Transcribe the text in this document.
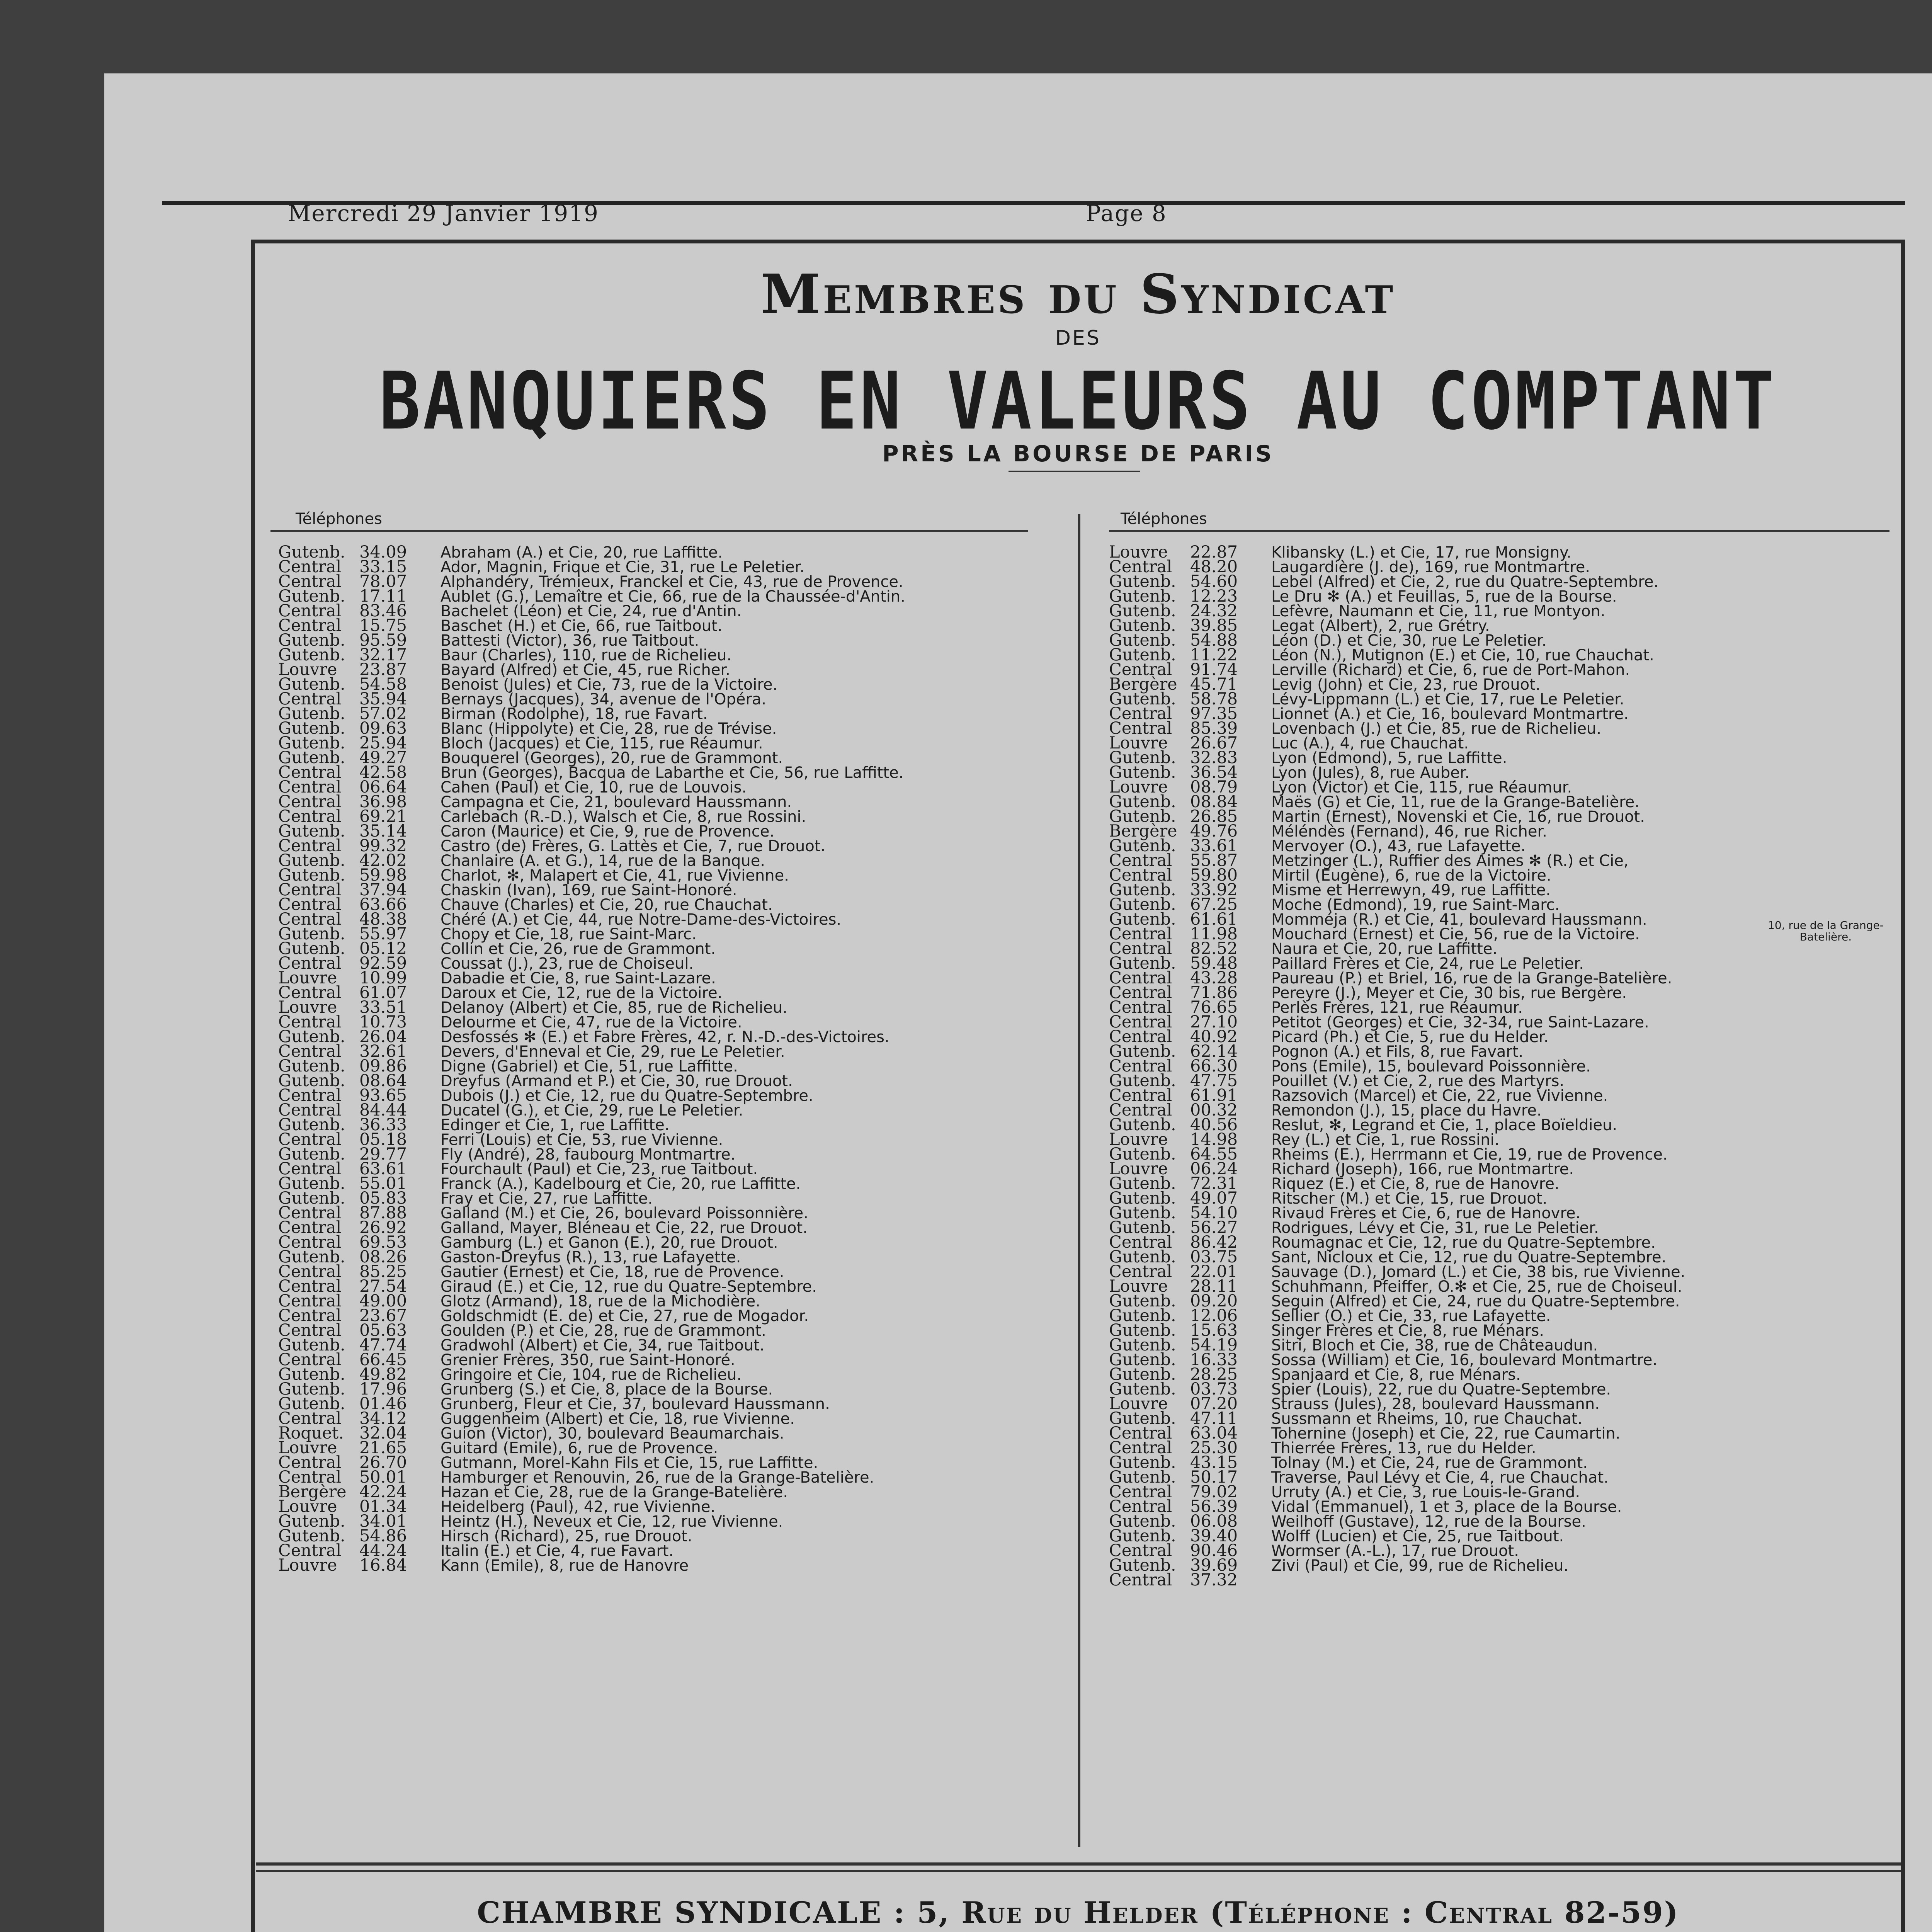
Mercredi 29 Janvier 1919	Page 8
Membres du Syndicat
DES
BANQUIERS EN VALEURS AU COMPTANT
PRÈS LA BOURSE DE PARIS
Téléphones	Téléphones
Gutenb. 34.09 Abraham (A.) et Cie, 20, rue Laffitte.
Central 33.15 Ador, Magnin, Frique et Cie, 31, rue Le Peletier.
Central 78.07 Alphandéry, Trémieux, Franckel et Cie, 43, rue de Provence.
Gutenb. 17.11 Aublet (G.), Lemaître et Cie, 66, rue de la Chaussée-d'Antin.
Central 83.46 Bachelet (Léon) et Cie, 24, rue d'Antin.
Central 15.75 Baschet (H.) et Cie, 66, rue Taitbout.
Gutenb. 95.59 Battesti (Victor), 36, rue Taitbout.
Gutenb. 32.17 Baur (Charles), 110, rue de Richelieu.
Louvre 23.87 Bayard (Alfred) et Cie, 45, rue Richer.
Gutenb. 54.58 Benoist (Jules) et Cie, 73, rue de la Victoire.
Central 35.94 Bernays (Jacques), 34, avenue de l'Opéra.
Gutenb. 57.02 Birman (Rodolphe), 18, rue Favart.
Gutenb. 09.63 Blanc (Hippolyte) et Cie, 28, rue de Trévise.
Gutenb. 25.94 Bloch (Jacques) et Cie, 115, rue Réaumur.
Gutenb. 49.27 Bouquerel (Georges), 20, rue de Grammont.
Central 42.58 Brun (Georges), Bacqua de Labarthe et Cie, 56, rue Laffitte.
Central 06.64 Cahen (Paul) et Cie, 10, rue de Louvois.
Central 36.98 Campagna et Cie, 21, boulevard Haussmann.
Central 69.21 Carlebach (R.-D.), Walsch et Cie, 8, rue Rossini.
Gutenb. 35.14 Caron (Maurice) et Cie, 9, rue de Provence.
Central 99.32 Castro (de) Frères, G. Lattès et Cie, 7, rue Drouot.
Gutenb. 42.02 Chanlaire (A. et G.), 14, rue de la Banque.
Gutenb. 59.98 Charlot, ✻, Malapert et Cie, 41, rue Vivienne.
Central 37.94 Chaskin (Ivan), 169, rue Saint-Honoré.
Central 63.66 Chauve (Charles) et Cie, 20, rue Chauchat.
Central 48.38 Chéré (A.) et Cie, 44, rue Notre-Dame-des-Victoires.
Gutenb. 55.97 Chopy et Cie, 18, rue Saint-Marc.
Gutenb. 05.12 Collin et Cie, 26, rue de Grammont.
Central 92.59 Coussat (J.), 23, rue de Choiseul.
Louvre 10.99 Dabadie et Cie, 8, rue Saint-Lazare.
Central 61.07 Daroux et Cie, 12, rue de la Victoire.
Louvre 33.51 Delanoy (Albert) et Cie, 85, rue de Richelieu.
Central 10.73 Delourme et Cie, 47, rue de la Victoire.
Gutenb. 26.04 Desfossés ✻ (E.) et Fabre Frères, 42, r. N.-D.-des-Victoires.
Central 32.61 Devers, d'Enneval et Cie, 29, rue Le Peletier.
Gutenb. 09.86 Digne (Gabriel) et Cie, 51, rue Laffitte.
Gutenb. 08.64 Dreyfus (Armand et P.) et Cie, 30, rue Drouot.
Central 93.65 Dubois (J.) et Cie, 12, rue du Quatre-Septembre.
Central 84.44 Ducatel (G.), et Cie, 29, rue Le Peletier.
Gutenb. 36.33 Edinger et Cie, 1, rue Laffitte.
Central 05.18 Ferri (Louis) et Cie, 53, rue Vivienne.
Gutenb. 29.77 Fly (André), 28, faubourg Montmartre.
Central 63.61 Fourchault (Paul) et Cie, 23, rue Taitbout.
Gutenb. 55.01 Franck (A.), Kadelbourg et Cie, 20, rue Laffitte.
Gutenb. 05.83 Fray et Cie, 27, rue Laffitte.
Central 87.88 Galland (M.) et Cie, 26, boulevard Poissonnière.
Central 26.92 Galland, Mayer, Bléneau et Cie, 22, rue Drouot.
Central 69.53 Gamburg (L.) et Ganon (E.), 20, rue Drouot.
Gutenb. 08.26 Gaston-Dreyfus (R.), 13, rue Lafayette.
Central 85.25 Gautier (Ernest) et Cie, 18, rue de Provence.
Central 27.54 Giraud (E.) et Cie, 12, rue du Quatre-Septembre.
Central 49.00 Glotz (Armand), 18, rue de la Michodière.
Central 23.67 Goldschmidt (E. de) et Cie, 27, rue de Mogador.
Central 05.63 Goulden (P.) et Cie, 28, rue de Grammont.
Gutenb. 47.74 Gradwohl (Albert) et Cie, 34, rue Taitbout.
Central 66.45 Grenier Frères, 350, rue Saint-Honoré.
Gutenb. 49.82 Gringoire et Cie, 104, rue de Richelieu.
Gutenb. 17.96 Grunberg (S.) et Cie, 8, place de la Bourse.
Gutenb. 01.46 Grunberg, Fleur et Cie, 37, boulevard Haussmann.
Central 34.12 Guggenheim (Albert) et Cie, 18, rue Vivienne.
Roquet. 32.04 Guion (Victor), 30, boulevard Beaumarchais.
Louvre 21.65 Guitard (Emile), 6, rue de Provence.
Central 26.70 Gutmann, Morel-Kahn Fils et Cie, 15, rue Laffitte.
Central 50.01 Hamburger et Renouvin, 26, rue de la Grange-Batelière.
Bergère 42.24 Hazan et Cie, 28, rue de la Grange-Batelière.
Louvre 01.34 Heidelberg (Paul), 42, rue Vivienne.
Gutenb. 34.01 Heintz (H.), Neveux et Cie, 12, rue Vivienne.
Gutenb. 54.86 Hirsch (Richard), 25, rue Drouot.
Central 44.24 Italin (E.) et Cie, 4, rue Favart.
Louvre 16.84 Kann (Emile), 8, rue de Hanovre
Louvre 22.87 Klibansky (L.) et Cie, 17, rue Monsigny.
Central 48.20 Laugardière (J. de), 169, rue Montmartre.
Gutenb. 54.60 Lebel (Alfred) et Cie, 2, rue du Quatre-Septembre.
Gutenb. 12.23 Le Dru ✻ (A.) et Feuillas, 5, rue de la Bourse.
Gutenb. 24.32 Lefèvre, Naumann et Cie, 11, rue Montyon.
Gutenb. 39.85 Legat (Albert), 2, rue Grétry.
Gutenb. 54.88 Léon (D.) et Cie, 30, rue Le Peletier.
Gutenb. 11.22 Léon (N.), Mutignon (E.) et Cie, 10, rue Chauchat.
Central 91.74 Lerville (Richard) et Cie, 6, rue de Port-Mahon.
Bergère 45.71 Levig (John) et Cie, 23, rue Drouot.
Gutenb. 58.78 Lévy-Lippmann (L.) et Cie, 17, rue Le Peletier.
Central 97.35 Lionnet (A.) et Cie, 16, boulevard Montmartre.
Central 85.39 Lovenbach (J.) et Cie, 85, rue de Richelieu.
Louvre 26.67 Luc (A.), 4, rue Chauchat.
Gutenb. 32.83 Lyon (Edmond), 5, rue Laffitte.
Gutenb. 36.54 Lyon (Jules), 8, rue Auber.
Louvre 08.79 Lyon (Victor) et Cie, 115, rue Réaumur.
Gutenb. 08.84 Maës (G) et Cie, 11, rue de la Grange-Batelière.
Gutenb. 26.85 Martin (Ernest), Novenski et Cie, 16, rue Drouot.
Bergère 49.76 Méléndès (Fernand), 46, rue Richer.
Gutenb. 33.61 Mervoyer (O.), 43, rue Lafayette.
Central 55.87 Metzinger (L.), Ruffier des Aimes ✻ (R.) et Cie,
Central 59.80 Mirtil (Eugène), 6, rue de la Victoire.
Gutenb. 33.92 Misme et Herrewyn, 49, rue Laffitte.
Gutenb. 67.25 Moche (Edmond), 19, rue Saint-Marc.
Gutenb. 61.61 Momméja (R.) et Cie, 41, boulevard Haussmann.
Central 11.98 Mouchard (Ernest) et Cie, 56, rue de la Victoire.
Central 82.52 Naura et Cie, 20, rue Laffitte.
Gutenb. 59.48 Paillard Frères et Cie, 24, rue Le Peletier.
Central 43.28 Paureau (P.) et Briel, 16, rue de la Grange-Batelière.
Central 71.86 Pereyre (J.), Meyer et Cie, 30 bis, rue Bergère.
Central 76.65 Perlès Frères, 121, rue Réaumur.
Central 27.10 Petitot (Georges) et Cie, 32-34, rue Saint-Lazare.
Central 40.92 Picard (Ph.) et Cie, 5, rue du Helder.
Gutenb. 62.14 Pognon (A.) et Fils, 8, rue Favart.
Central 66.30 Pons (Emile), 15, boulevard Poissonnière.
Gutenb. 47.75 Pouillet (V.) et Cie, 2, rue des Martyrs.
Central 61.91 Razsovich (Marcel) et Cie, 22, rue Vivienne.
Central 00.32 Remondon (J.), 15, place du Havre.
Gutenb. 40.56 Reslut, ✻, Legrand et Cie, 1, place Boïeldieu.
Louvre 14.98 Rey (L.) et Cie, 1, rue Rossini.
Gutenb. 64.55 Rheims (E.), Herrmann et Cie, 19, rue de Provence.
Louvre 06.24 Richard (Joseph), 166, rue Montmartre.
Gutenb. 72.31 Riquez (E.) et Cie, 8, rue de Hanovre.
Gutenb. 49.07 Ritscher (M.) et Cie, 15, rue Drouot.
Gutenb. 54.10 Rivaud Frères et Cie, 6, rue de Hanovre.
Gutenb. 56.27 Rodrigues, Lévy et Cie, 31, rue Le Peletier.
Central 86.42 Roumagnac et Cie, 12, rue du Quatre-Septembre.
Gutenb. 03.75 Sant, Nicloux et Cie, 12, rue du Quatre-Septembre.
Central 22.01 Sauvage (D.), Jomard (L.) et Cie, 38 bis, rue Vivienne.
Louvre 28.11 Schuhmann, Pfeiffer, O.✻ et Cie, 25, rue de Choiseul.
Gutenb. 09.20 Seguin (Alfred) et Cie, 24, rue du Quatre-Septembre.
Gutenb. 12.06 Sellier (O.) et Cie, 33, rue Lafayette.
Gutenb. 15.63 Singer Frères et Cie, 8, rue Ménars.
Gutenb. 54.19 Sitri, Bloch et Cie, 38, rue de Châteaudun.
Gutenb. 16.33 Sossa (William) et Cie, 16, boulevard Montmartre.
Gutenb. 28.25 Spanjaard et Cie, 8, rue Ménars.
Gutenb. 03.73 Spier (Louis), 22, rue du Quatre-Septembre.
Louvre 07.20 Strauss (Jules), 28, boulevard Haussmann.
Gutenb. 47.11 Sussmann et Rheims, 10, rue Chauchat.
Central 63.04 Tohernine (Joseph) et Cie, 22, rue Caumartin.
Central 25.30 Thierrée Frères, 13, rue du Helder.
Gutenb. 43.15 Tolnay (M.) et Cie, 24, rue de Grammont.
Gutenb. 50.17 Traverse, Paul Lévy et Cie, 4, rue Chauchat.
Central 79.02 Urruty (A.) et Cie, 3, rue Louis-le-Grand.
Central 56.39 Vidal (Emmanuel), 1 et 3, place de la Bourse.
Gutenb. 06.08 Weilhoff (Gustave), 12, rue de la Bourse.
Gutenb. 39.40 Wolff (Lucien) et Cie, 25, rue Taitbout.
Central 90.46 Wormser (A.-L.), 17, rue Drouot.
Gutenb. 39.69 Zivi (Paul) et Cie, 99, rue de Richelieu.
Central 37.32
10, rue de la Grange-Batelière.
CHAMBRE SYNDICALE : 5, Rue du Helder (Téléphone : Central 82-59)
